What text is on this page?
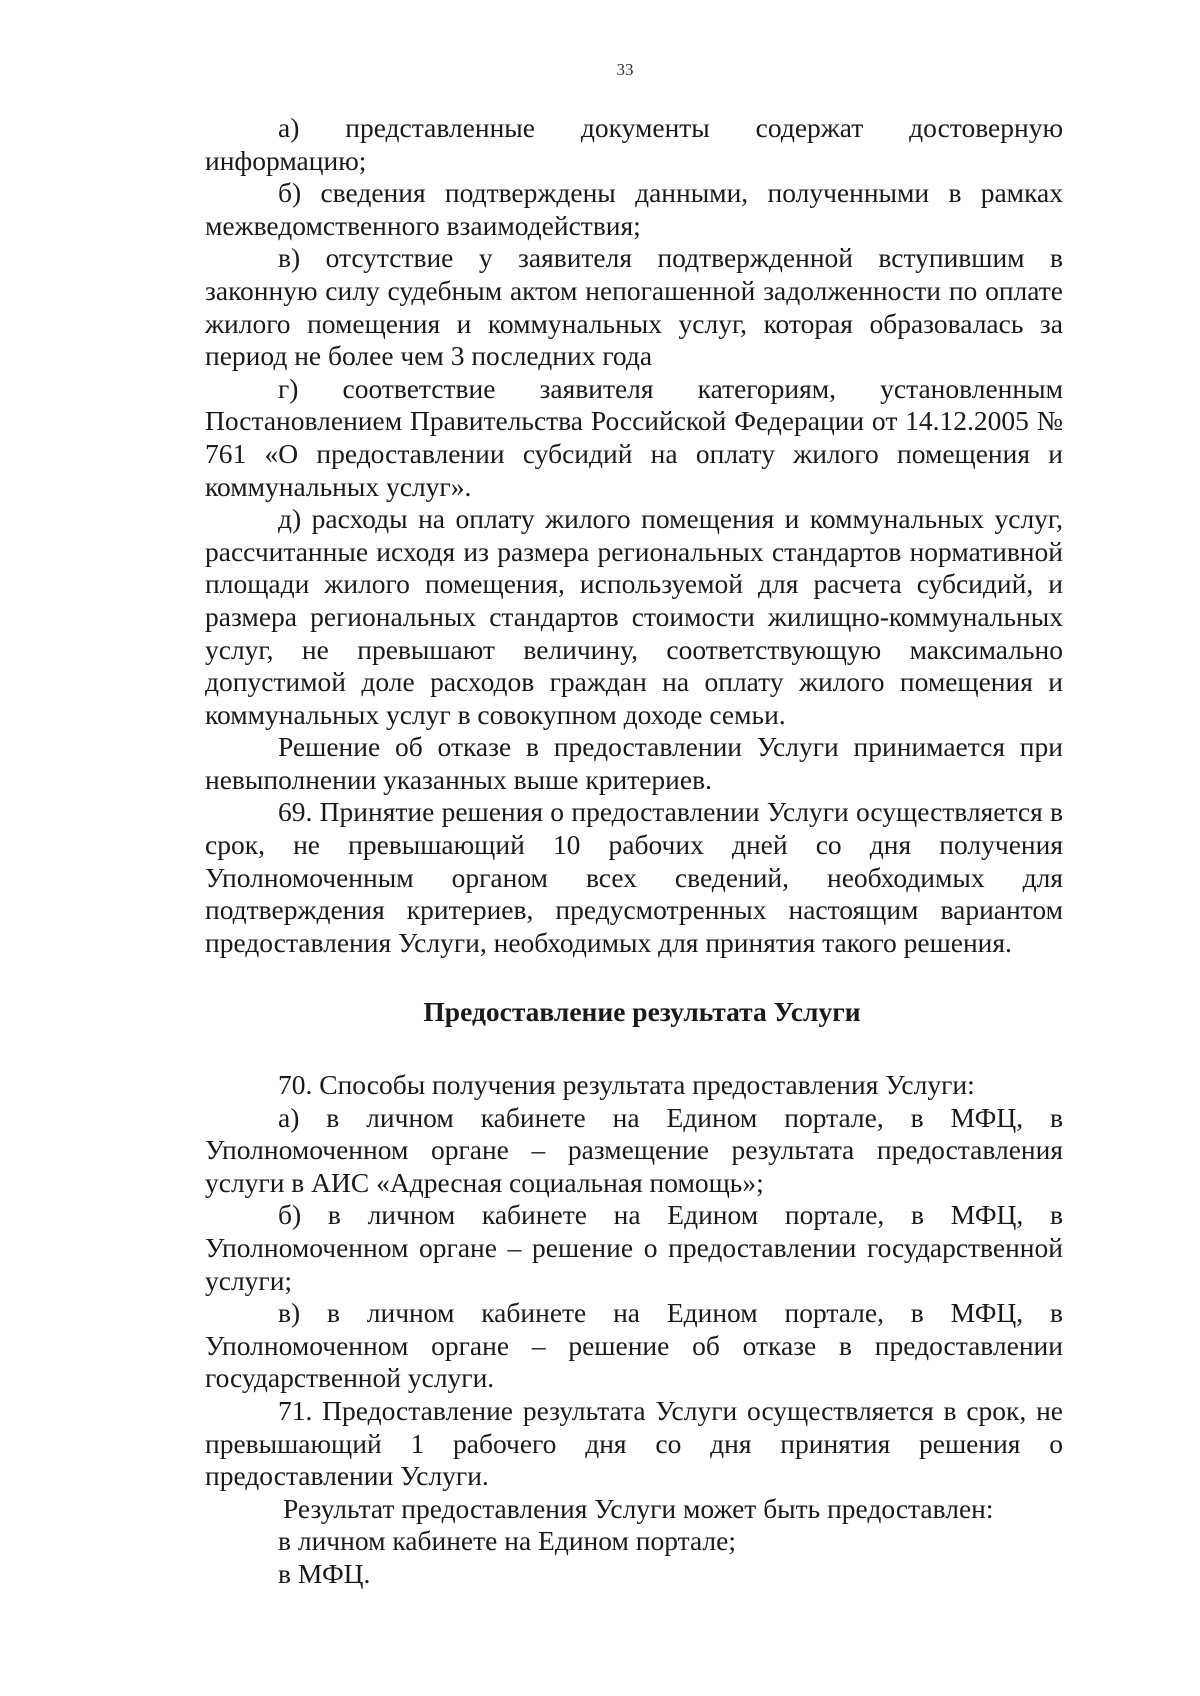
33

а) представленные документы содержат достоверную информацию;

б) сведения подтверждены данными, полученными в рамках межведомственного взаимодействия;

в) отсутствие у заявителя подтвержденной вступившим в законную силу судебным актом непогашенной задолженности по оплате жилого помещения и коммунальных услуг, которая образовалась за период не более чем 3 последних года

г) соответствие заявителя категориям, установленным Постановлением Правительства Российской Федерации от 14.12.2005 № 761 «О предоставлении субсидий на оплату жилого помещения и коммунальных услуг».

д) расходы на оплату жилого помещения и коммунальных услуг, рассчитанные исходя из размера региональных стандартов нормативной площади жилого помещения, используемой для расчета субсидий, и размера региональных стандартов стоимости жилищно-коммунальных услуг, не превышают величину, соответствующую максимально допустимой доле расходов граждан на оплату жилого помещения и коммунальных услуг в совокупном доходе семьи.

Решение об отказе в предоставлении Услуги принимается при невыполнении указанных выше критериев.

69. Принятие решения о предоставлении Услуги осуществляется в срок, не превышающий 10 рабочих дней со дня получения Уполномоченным органом всех сведений, необходимых для подтверждения критериев, предусмотренных настоящим вариантом предоставления Услуги, необходимых для принятия такого решения.

Предоставление результата Услуги

70. Способы получения результата предоставления Услуги:

а) в личном кабинете на Едином портале, в МФЦ, в Уполномоченном органе – размещение результата предоставления услуги в АИС «Адресная социальная помощь»;

б) в личном кабинете на Едином портале, в МФЦ, в Уполномоченном органе – решение о предоставлении государственной услуги;

в) в личном кабинете на Едином портале, в МФЦ, в Уполномоченном органе – решение об отказе в предоставлении государственной услуги.

71. Предоставление результата Услуги осуществляется в срок, не превышающий 1 рабочего дня со дня принятия решения о предоставлении Услуги.

Результат предоставления Услуги может быть предоставлен:

в личном кабинете на Едином портале;

в МФЦ.
